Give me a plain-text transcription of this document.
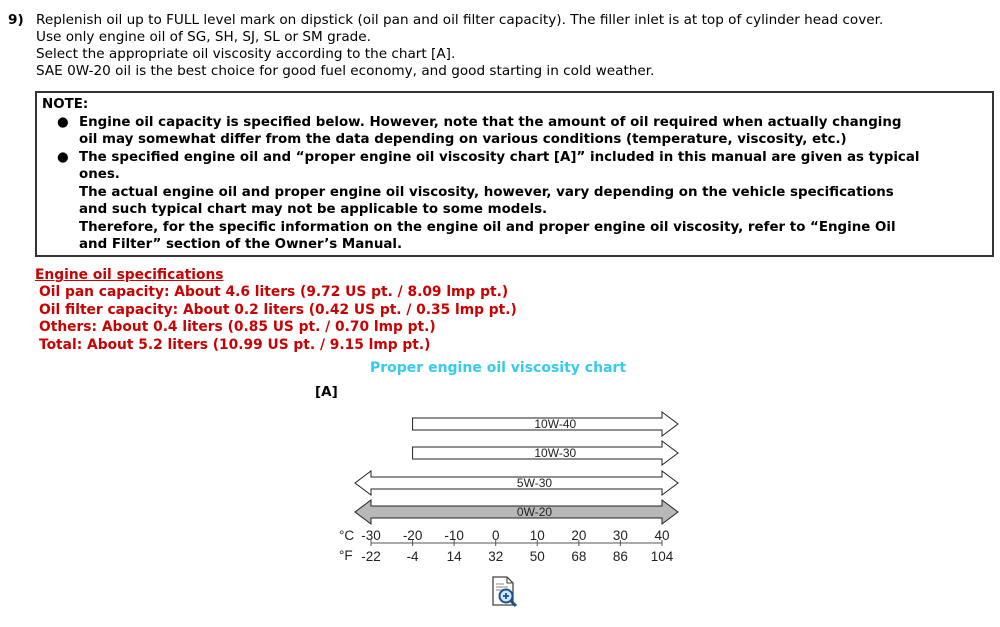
9) Replenish oil up to FULL level mark on dipstick (oil pan and oil filter capacity). The filler inlet is at top of cylinder head cover.
Use only engine oil of SG, SH, SJ, SL or SM grade.
Select the appropriate oil viscosity according to the chart [A].
SAE 0W-20 oil is the best choice for good fuel economy, and good starting in cold weather.
NOTE:
● Engine oil capacity is specified below. However, note that the amount of oil required when actually changing
oil may somewhat differ from the data depending on various conditions (temperature, viscosity, etc.)
● The specified engine oil and “proper engine oil viscosity chart [A]” included in this manual are given as typical
ones.
The actual engine oil and proper engine oil viscosity, however, vary depending on the vehicle specifications
and such typical chart may not be applicable to some models.
Therefore, for the specific information on the engine oil and proper engine oil viscosity, refer to “Engine Oil
and Filter” section of the Owner’s Manual.
Engine oil specifications
Oil pan capacity: About 4.6 liters (9.72 US pt. / 8.09 lmp pt.)
Oil filter capacity: About 0.2 liters (0.42 US pt. / 0.35 lmp pt.)
Others: About 0.4 liters (0.85 US pt. / 0.70 lmp pt.)
Total: About 5.2 liters (10.99 US pt. / 9.15 lmp pt.)
Proper engine oil viscosity chart
[A]
10W-40
10W-30
5W-30
0W-20
°C
°F
-30
-22
-20
-4
-10
14
0
32
10
50
20
68
30
86
40
104
